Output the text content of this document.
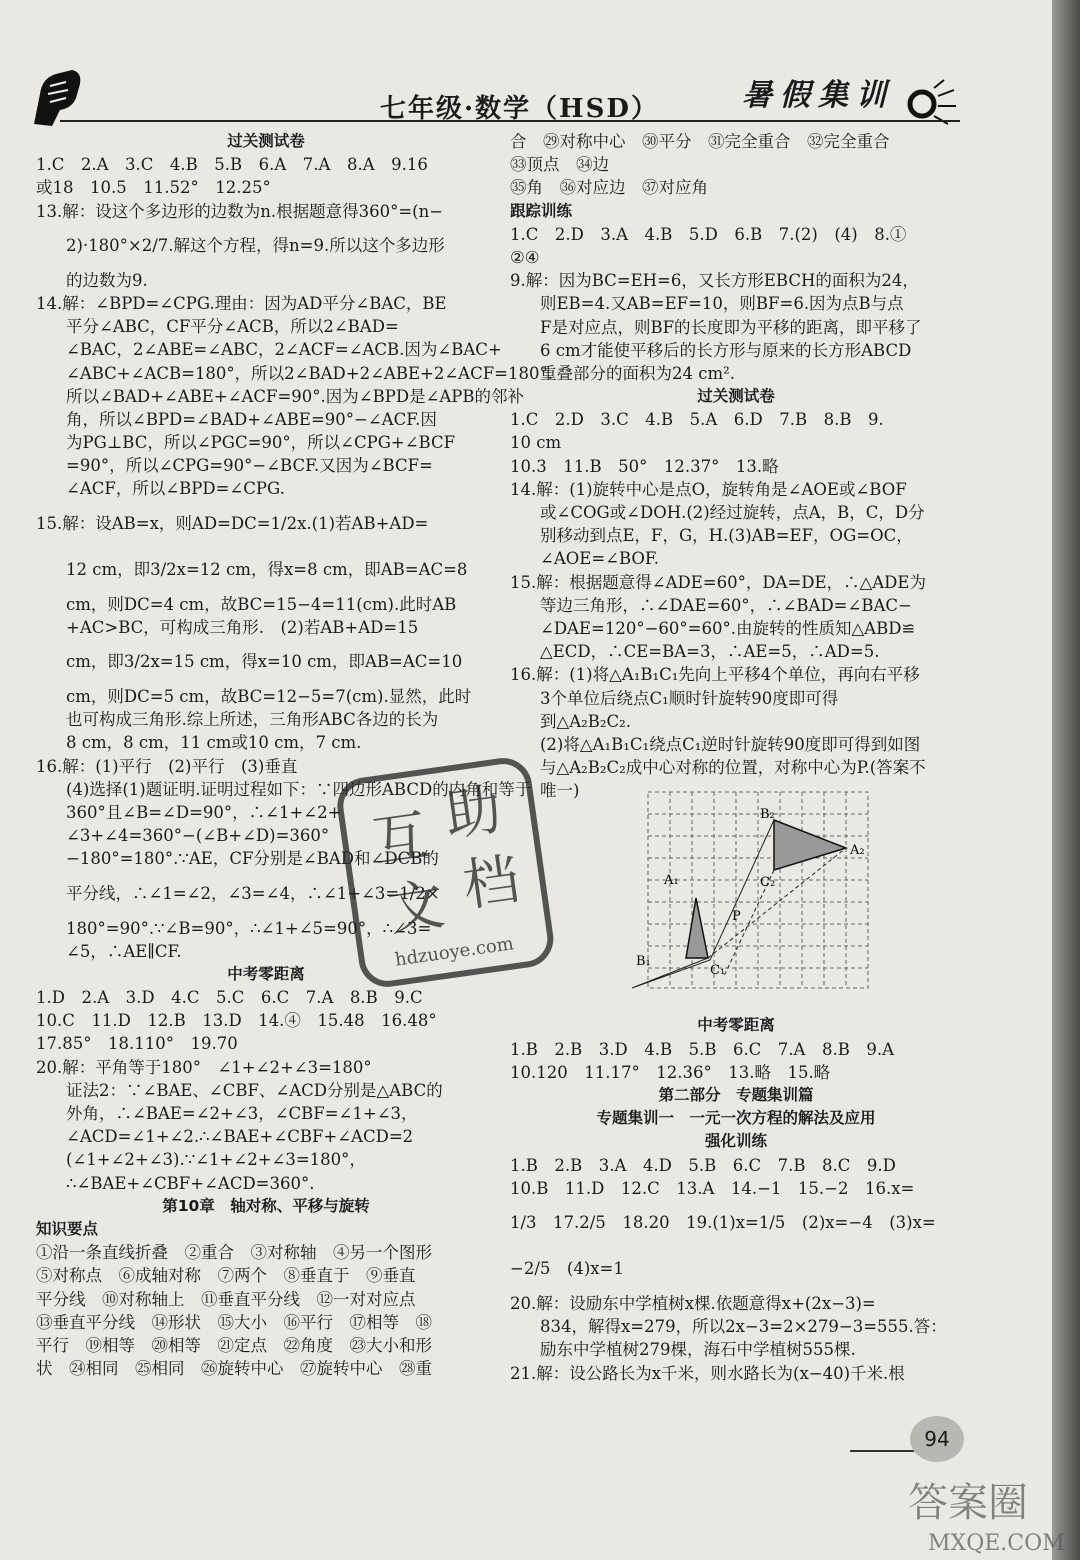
七年级·数学（HSD）	暑假集训
过关测试卷
1.C　2.A　3.C　4.B　5.B　6.A　7.A　8.A　9.16
或18　10.5　11.52°　12.25°
13.解：设这个多边形的边数为n.根据题意得360°=(n−
2)·180°×2/7.解这个方程，得n=9.所以这个多边形
的边数为9.
14.解：∠BPD=∠CPG.理由：因为AD平分∠BAC，BE
平分∠ABC，CF平分∠ACB，所以2∠BAD=
∠BAC，2∠ABE=∠ABC，2∠ACF=∠ACB.因为∠BAC+
∠ABC+∠ACB=180°，所以2∠BAD+2∠ABE+2∠ACF=180°.
所以∠BAD+∠ABE+∠ACF=90°.因为∠BPD是∠APB的邻补
角，所以∠BPD=∠BAD+∠ABE=90°−∠ACF.因
为PG⊥BC，所以∠PGC=90°，所以∠CPG+∠BCF
=90°，所以∠CPG=90°−∠BCF.又因为∠BCF=
∠ACF，所以∠BPD=∠CPG.
15.解：设AB=x，则AD=DC=1/2x.(1)若AB+AD=
12 cm，即3/2x=12 cm，得x=8 cm，即AB=AC=8
cm，则DC=4 cm，故BC=15−4=11(cm).此时AB
+AC>BC，可构成三角形.　(2)若AB+AD=15
cm，即3/2x=15 cm，得x=10 cm，即AB=AC=10
cm，则DC=5 cm，故BC=12−5=7(cm).显然，此时
也可构成三角形.综上所述，三角形ABC各边的长为
8 cm，8 cm，11 cm或10 cm，7 cm.
16.解：(1)平行　(2)平行　(3)垂直
(4)选择(1)题证明.证明过程如下：∵四边形ABCD的内角和等于
360°且∠B=∠D=90°，∴∠1+∠2+
∠3+∠4=360°−(∠B+∠D)=360°
−180°=180°.∵AE，CF分别是∠BAD和∠DCB的
平分线，∴∠1=∠2，∠3=∠4，∴∠1+∠3=1/2×
180°=90°.∵∠B=90°，∴∠1+∠5=90°，∴∠3=
∠5，∴AE∥CF.
中考零距离
1.D　2.A　3.D　4.C　5.C　6.C　7.A　8.B　9.C
10.C　11.D　12.B　13.D　14.④　15.48　16.48°
17.85°　18.110°　19.70
20.解：平角等于180°　∠1+∠2+∠3=180°
证法2：∵∠BAE、∠CBF、∠ACD分别是△ABC的
外角，∴∠BAE=∠2+∠3，∠CBF=∠1+∠3，
∠ACD=∠1+∠2.∴∠BAE+∠CBF+∠ACD=2
(∠1+∠2+∠3).∵∠1+∠2+∠3=180°，
∴∠BAE+∠CBF+∠ACD=360°.
第10章　轴对称、平移与旋转
知识要点
①沿一条直线折叠　②重合　③对称轴　④另一个图形
⑤对称点　⑥成轴对称　⑦两个　⑧垂直于　⑨垂直
平分线　⑩对称轴上　⑪垂直平分线　⑫一对对应点
⑬垂直平分线　⑭形状　⑮大小　⑯平行　⑰相等　⑱
平行　⑲相等　⑳相等　㉑定点　㉒角度　㉓大小和形
状　㉔相同　㉕相同　㉖旋转中心　㉗旋转中心　㉘重
合　㉙对称中心　㉚平分　㉛完全重合　㉜完全重合
㉝顶点　㉞边
㉟角　㊱对应边　㊲对应角
跟踪训练
1.C　2.D　3.A　4.B　5.D　6.B　7.(2)　(4)　8.①
②④
9.解：因为BC=EH=6，又长方形EBCH的面积为24，
则EB=4.又AB=EF=10，则BF=6.因为点B与点
F是对应点，则BF的长度即为平移的距离，即平移了
6 cm才能使平移后的长方形与原来的长方形ABCD
重叠部分的面积为24 cm².
过关测试卷
1.C　2.D　3.C　4.B　5.A　6.D　7.B　8.B　9.
10 cm
10.3　11.B　50°　12.37°　13.略
14.解：(1)旋转中心是点O，旋转角是∠AOE或∠BOF
或∠COG或∠DOH.(2)经过旋转，点A，B，C，D分
别移动到点E，F，G，H.(3)AB=EF，OG=OC，
∠AOE=∠BOF.
15.解：根据题意得∠ADE=60°，DA=DE，∴△ADE为
等边三角形，∴∠DAE=60°，∴∠BAD=∠BAC−
∠DAE=120°−60°=60°.由旋转的性质知△ABD≌
△ECD，∴CE=BA=3，∴AE=5，∴AD=5.
16.解：(1)将△A₁B₁C₁先向上平移4个单位，再向右平移
3个单位后绕点C₁顺时针旋转90度即可得
到△A₂B₂C₂.
(2)将△A₁B₁C₁绕点C₁逆时针旋转90度即可得到如图
与△A₂B₂C₂成中心对称的位置，对称中心为P.(答案不
唯一)
中考零距离
1.B　2.B　3.D　4.B　5.B　6.C　7.A　8.B　9.A
10.120　11.17°　12.36°　13.略　15.略
第二部分　专题集训篇
专题集训一　一元一次方程的解法及应用
强化训练
1.B　2.B　3.A　4.D　5.B　6.C　7.B　8.C　9.D
10.B　11.D　12.C　13.A　14.−1　15.−2　16.x=
1/3　17.2/5　18.20　19.(1)x=1/5　(2)x=−4　(3)x=
−2/5　(4)x=1
20.解：设励东中学植树x棵.依题意得x+(2x−3)=
834，解得x=279，所以2x−3=2×279−3=555.答：
励东中学植树279棵，海石中学植树555棵.
21.解：设公路长为x千米，则水路长为(x−40)千米.根
B₂
A₂
C₂
A₁
B₁
C₁
P
互 助
文 档
hdzuoye.com
94
答案圈
MXQE.COM
